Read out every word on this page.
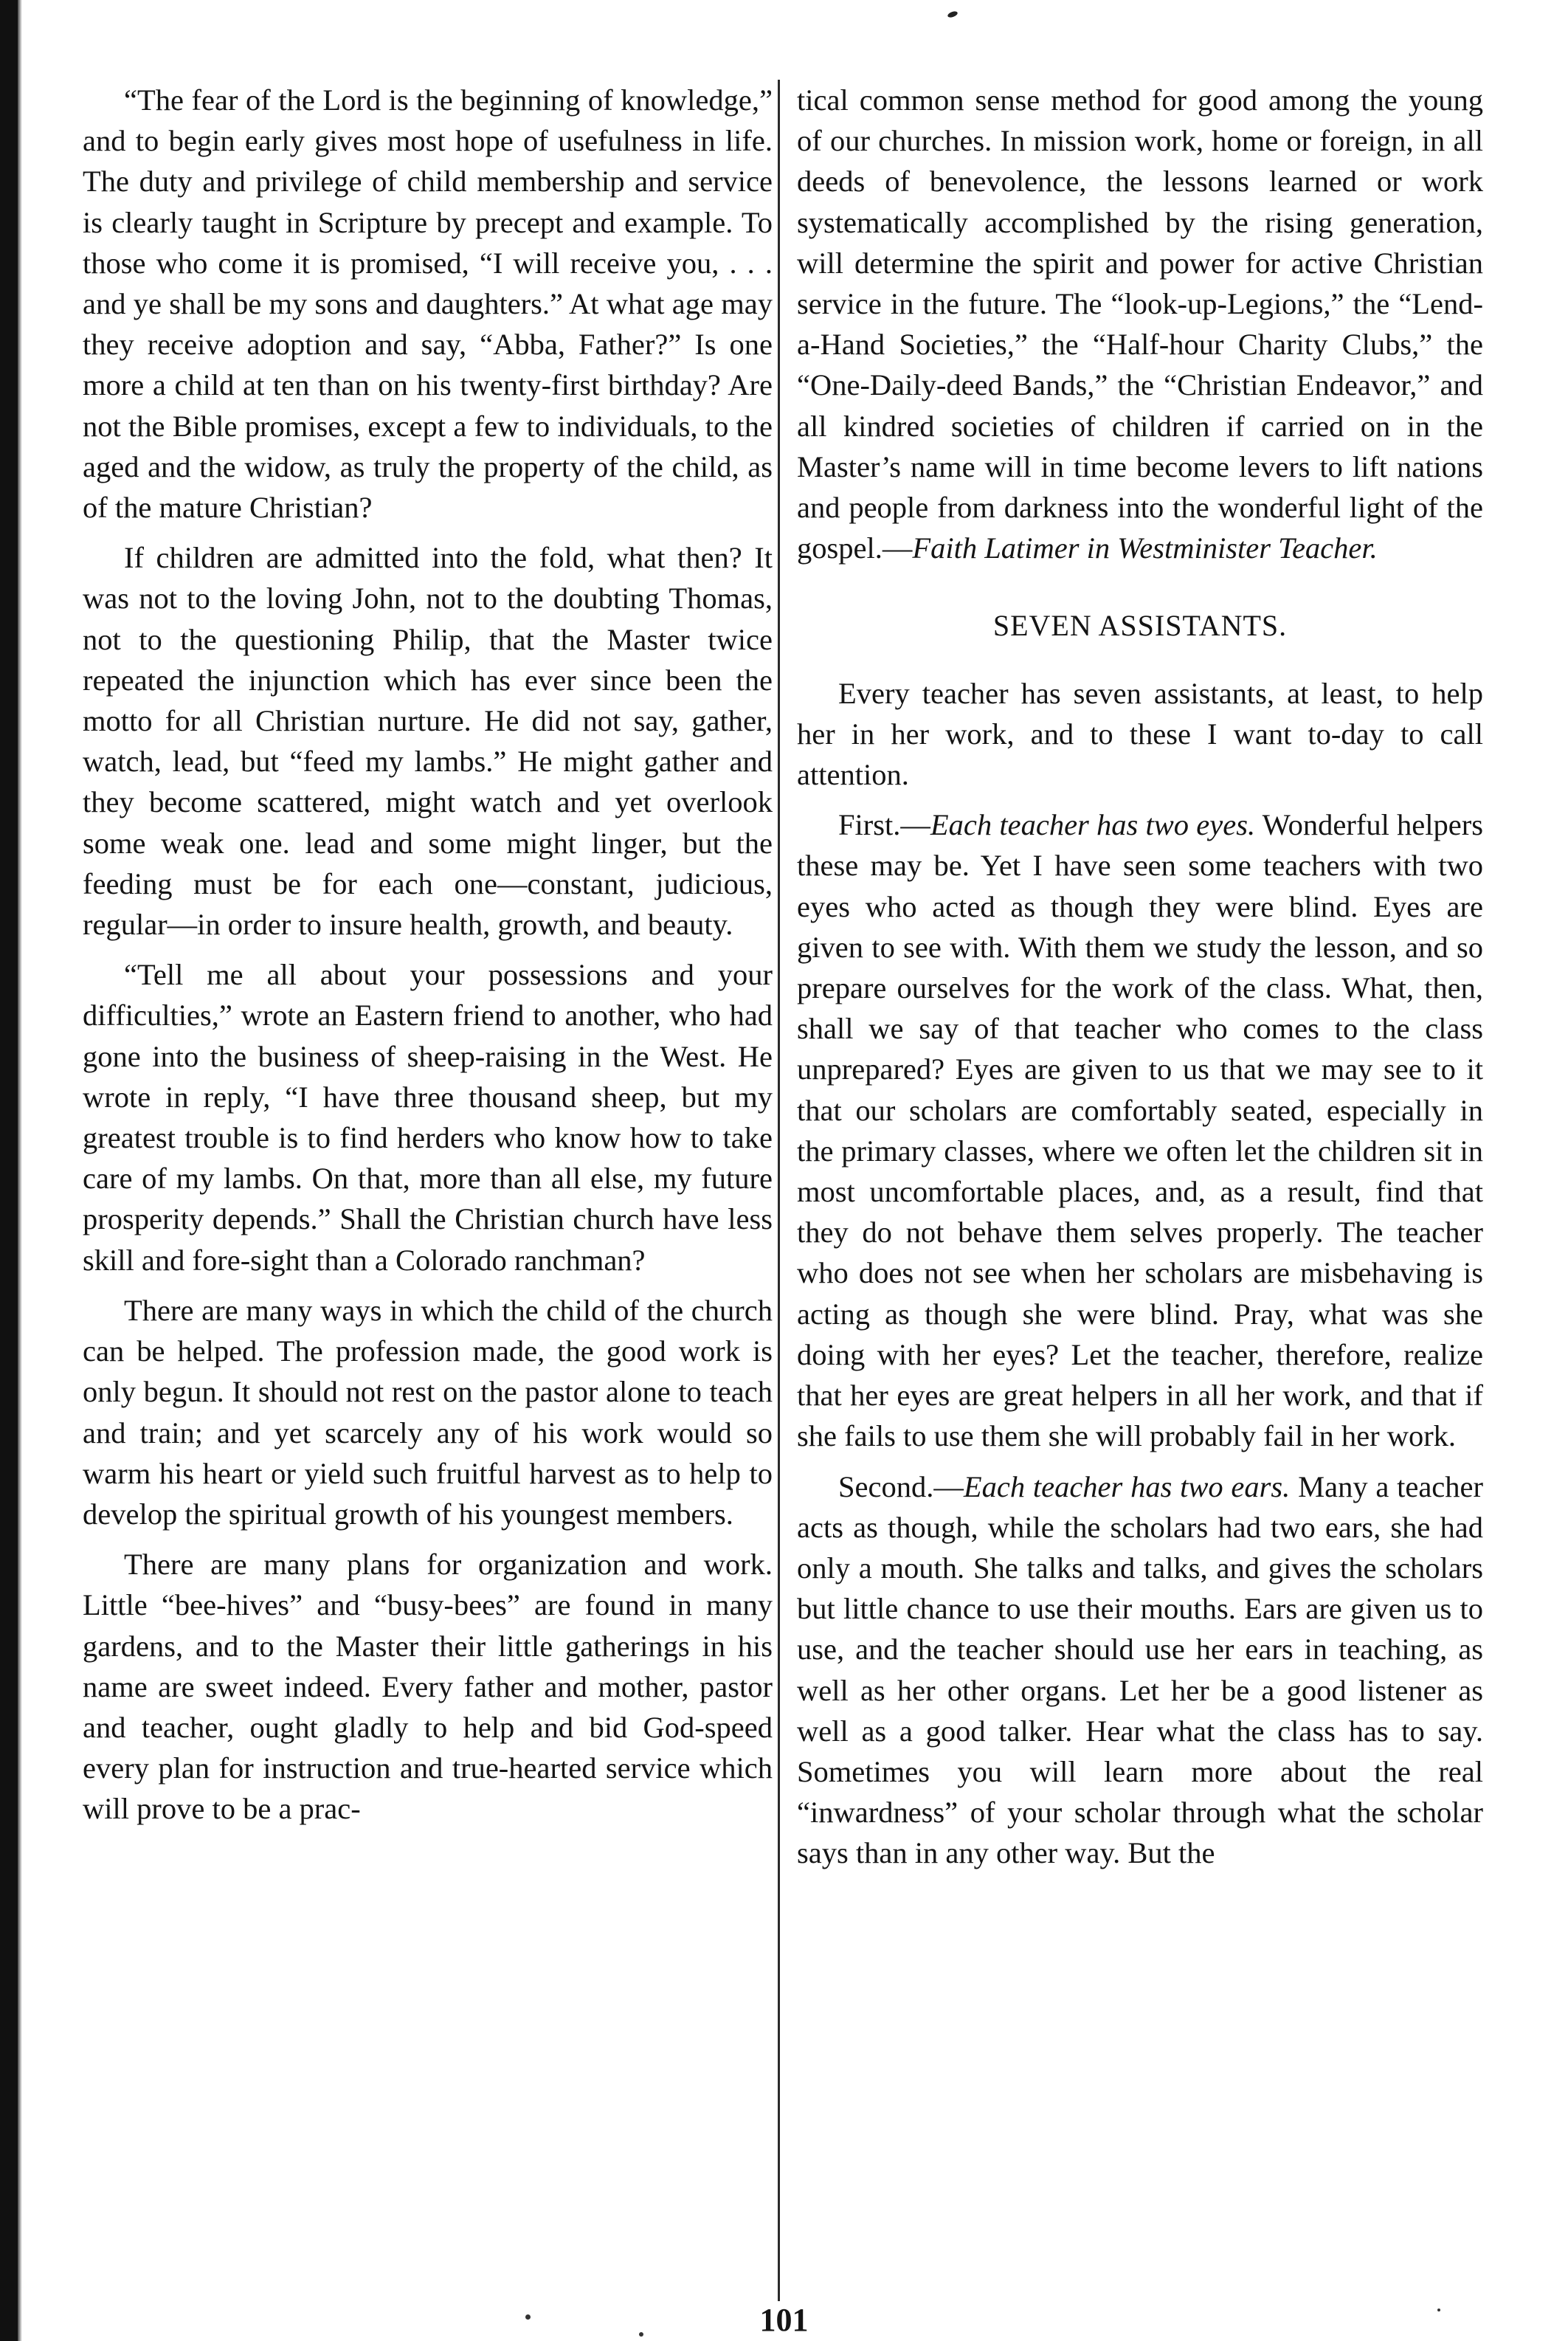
“The fear of the Lord is the beginning of knowledge,” and to begin early gives most hope of usefulness in life. The duty and privilege of child membership and service is clearly taught in Scripture by precept and example. To those who come it is promised, “I will receive you, . . . and ye shall be my sons and daughters.” At what age may they receive adoption and say, “Abba, Father?” Is one more a child at ten than on his twenty-first birthday? Are not the Bible promises, except a few to individuals, to the aged and the widow, as truly the property of the child, as of the mature Christian?

If children are admitted into the fold, what then? It was not to the loving John, not to the doubting Thomas, not to the questioning Philip, that the Master twice repeated the injunction which has ever since been the motto for all Christian nurture. He did not say, gather, watch, lead, but “feed my lambs.” He might gather and they become scattered, might watch and yet overlook some weak one. lead and some might linger, but the feeding must be for each one—constant, judicious, regular—in order to insure health, growth, and beauty.

“Tell me all about your possessions and your difficulties,” wrote an Eastern friend to another, who had gone into the business of sheep-raising in the West. He wrote in reply, “I have three thousand sheep, but my greatest trouble is to find herders who know how to take care of my lambs. On that, more than all else, my future prosperity depends.” Shall the Christian church have less skill and fore-sight than a Colorado ranchman?

There are many ways in which the child of the church can be helped. The profession made, the good work is only begun. It should not rest on the pastor alone to teach and train; and yet scarcely any of his work would so warm his heart or yield such fruitful harvest as to help to develop the spiritual growth of his youngest members.

There are many plans for organization and work. Little “bee-hives” and “busy-bees” are found in many gardens, and to the Master their little gatherings in his name are sweet indeed. Every father and mother, pastor and teacher, ought gladly to help and bid God-speed every plan for instruction and true-hearted service which will prove to be a prac-

tical common sense method for good among the young of our churches. In mission work, home or foreign, in all deeds of benevolence, the lessons learned or work systematically accomplished by the rising generation, will determine the spirit and power for active Christian service in the future. The “look-up-Legions,” the “Lend-a-Hand Societies,” the “Half-hour Charity Clubs,” the “One-Daily-deed Bands,” the “Christian Endeavor,” and all kindred societies of children if carried on in the Master’s name will in time become levers to lift nations and people from darkness into the wonderful light of the gospel.—Faith Latimer in Westminister Teacher.

SEVEN ASSISTANTS.

Every teacher has seven assistants, at least, to help her in her work, and to these I want to-day to call attention.

First.—Each teacher has two eyes. Wonderful helpers these may be. Yet I have seen some teachers with two eyes who acted as though they were blind. Eyes are given to see with. With them we study the lesson, and so prepare ourselves for the work of the class. What, then, shall we say of that teacher who comes to the class unprepared? Eyes are given to us that we may see to it that our scholars are comfortably seated, especially in the primary classes, where we often let the children sit in most uncomfortable places, and, as a result, find that they do not behave them selves properly. The teacher who does not see when her scholars are misbehaving is acting as though she were blind. Pray, what was she doing with her eyes? Let the teacher, therefore, realize that her eyes are great helpers in all her work, and that if she fails to use them she will probably fail in her work.

Second.—Each teacher has two ears. Many a teacher acts as though, while the scholars had two ears, she had only a mouth. She talks and talks, and gives the scholars but little chance to use their mouths. Ears are given us to use, and the teacher should use her ears in teaching, as well as her other organs. Let her be a good listener as well as a good talker. Hear what the class has to say. Sometimes you will learn more about the real “inwardness” of your scholar through what the scholar says than in any other way. But the

101
